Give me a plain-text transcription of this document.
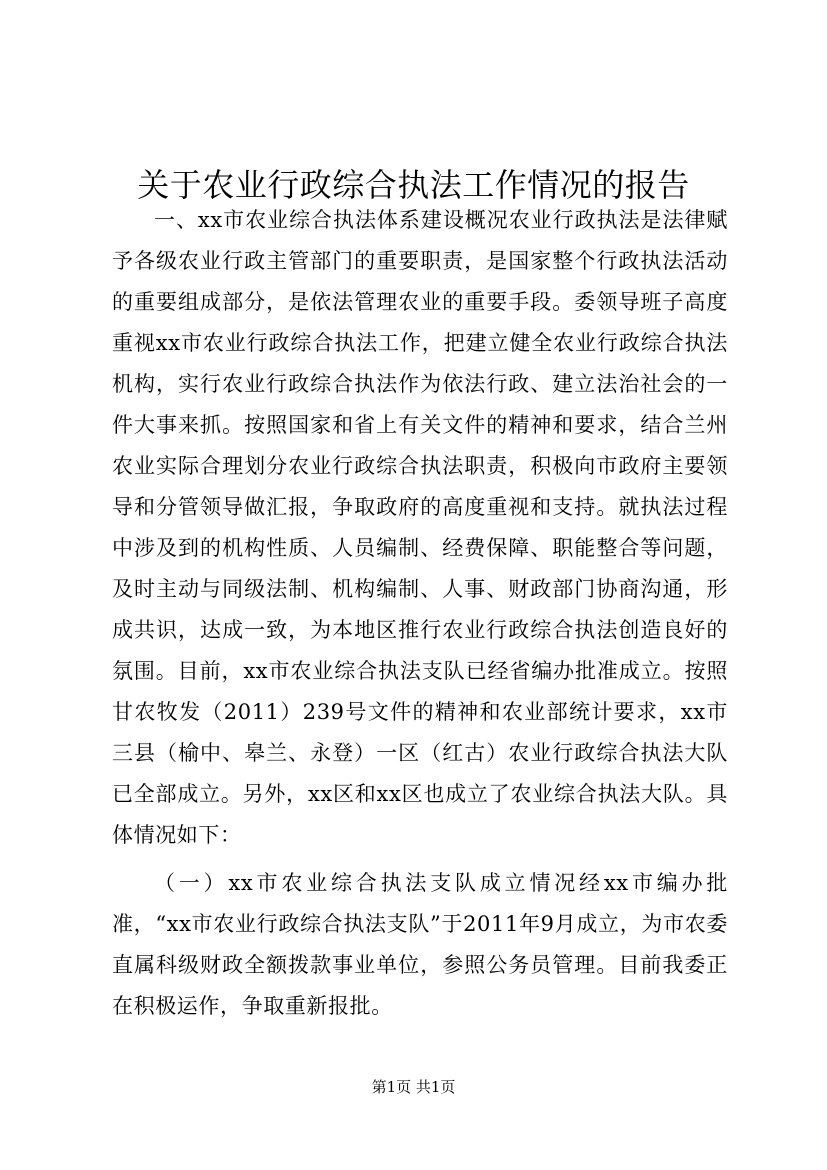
关于农业行政综合执法工作情况的报告

一、xx市农业综合执法体系建设概况农业行政执法是法律赋予各级农业行政主管部门的重要职责，是国家整个行政执法活动的重要组成部分，是依法管理农业的重要手段。委领导班子高度重视xx市农业行政综合执法工作，把建立健全农业行政综合执法机构，实行农业行政综合执法作为依法行政、建立法治社会的一件大事来抓。按照国家和省上有关文件的精神和要求，结合兰州农业实际合理划分农业行政综合执法职责，积极向市政府主要领导和分管领导做汇报，争取政府的高度重视和支持。就执法过程中涉及到的机构性质、人员编制、经费保障、职能整合等问题，及时主动与同级法制、机构编制、人事、财政部门协商沟通，形成共识，达成一致，为本地区推行农业行政综合执法创造良好的氛围。目前，xx市农业综合执法支队已经省编办批准成立。按照甘农牧发（2011）239号文件的精神和农业部统计要求，xx市三县（榆中、皋兰、永登）一区（红古）农业行政综合执法大队已全部成立。另外，xx区和xx区也成立了农业综合执法大队。具体情况如下：

（一）xx市农业综合执法支队成立情况经xx市编办批准，“xx市农业行政综合执法支队”于2011年9月成立，为市农委直属科级财政全额拨款事业单位，参照公务员管理。目前我委正在积极运作，争取重新报批。

第1页 共1页
